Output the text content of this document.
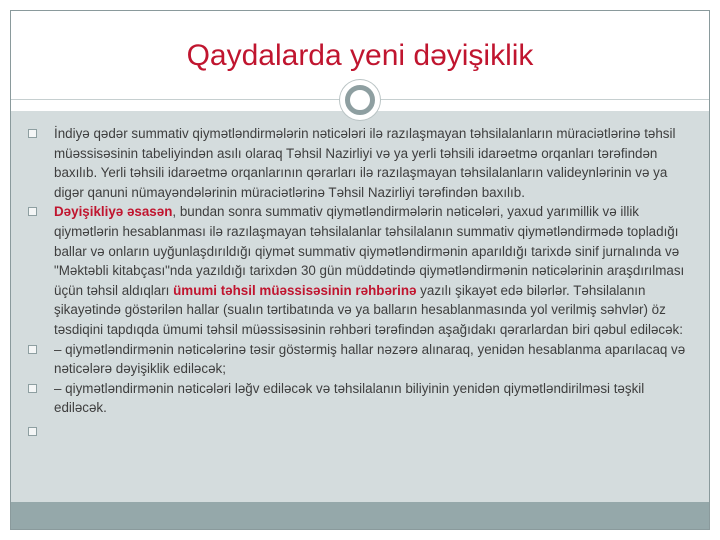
Qaydalarda yeni dəyişiklik
İndiyə qədər summativ qiymətləndirmələrin nəticələri ilə razılaşmayan təhsilalanların müraciətlərinə təhsil müəssisəsinin tabeliyindən asılı olaraq Təhsil Nazirliyi və ya yerli təhsili idarəetmə orqanları tərəfindən baxılıb. Yerli təhsili idarəetmə orqanlarının qərarları ilə razılaşmayan təhsilalanların valideynlərinin və ya digər qanuni nümayəndələrinin müraciətlərinə Təhsil Nazirliyi tərəfindən baxılıb.
Dəyişikliyə əsasən, bundan sonra summativ qiymətləndirmələrin nəticələri, yaxud yarımillik və illik qiymətlərin hesablanması ilə razılaşmayan təhsilalanlar təhsilalanın summativ qiymətləndirmədə topladığı ballar və onların uyğunlaşdırıldığı qiymət summativ qiymətləndirmənin aparıldığı tarixdə sinif jurnalında və "Məktəbli kitabçası"nda yazıldığı tarixdən 30 gün müddətində qiymətləndirmənin nəticələrinin araşdırılması üçün təhsil aldıqları ümumi təhsil müəssisəsinin rəhbərinə yazılı şikayət edə bilərlər. Təhsilalanın şikayətində göstərilən hallar (sualın tərtibatında və ya balların hesablanmasında yol verilmiş səhvlər) öz təsdiqini tapdıqda ümumi təhsil müəssisəsinin rəhbəri tərəfindən aşağıdakı qərarlardan biri qəbul ediləcək:
– qiymətləndirmənin nəticələrinə təsir göstərmiş hallar nəzərə alınaraq, yenidən hesablanma aparılacaq və nəticələrə dəyişiklik ediləcək;
– qiymətləndirmənin nəticələri ləğv ediləcək və təhsilalanın biliyinin yenidən qiymətləndirilməsi təşkil ediləcək.
